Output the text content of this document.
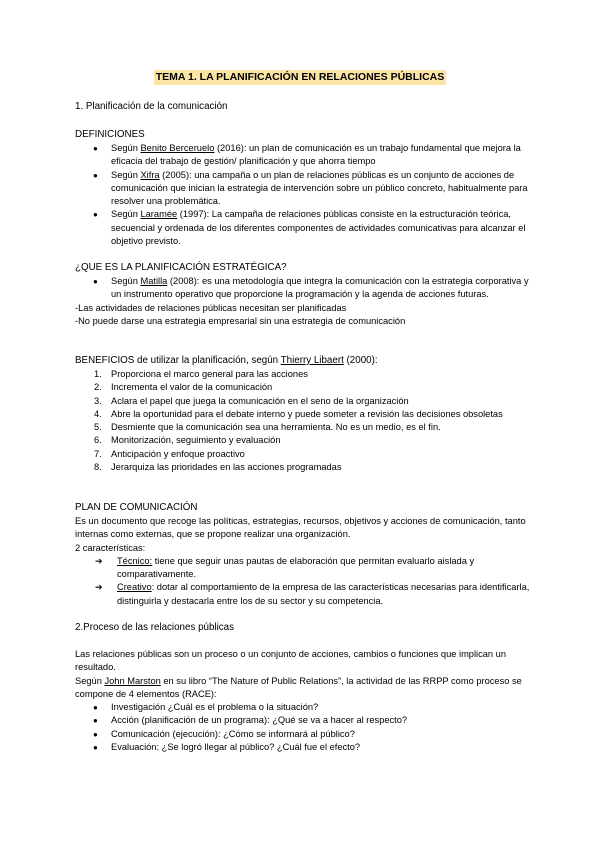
TEMA 1. LA PLANIFICACIÓN EN RELACIONES PÚBLICAS
1. Planificación de la comunicación
DEFINICIONES
● Según Benito Berceruelo (2016): un plan de comunicación es un trabajo fundamental que mejora la eficacia del trabajo de gestión/ planificación y que ahorra tiempo
● Según Xifra (2005): una campaña o un plan de relaciones públicas es un conjunto de acciones de comunicación que inician la estrategia de intervención sobre un público concreto, habitualmente para resolver una problemática.
● Según Laramée (1997): La campaña de relaciones públicas consiste en la estructuración teórica, secuencial y ordenada de los diferentes componentes de actividades comunicativas para alcanzar el objetivo previsto.
¿QUE ES LA PLANIFICACIÓN ESTRATÉGICA?
● Según Matilla (2008): es una metodología que integra la comunicación con la estrategia corporativa y un instrumento operativo que proporcione la programación y la agenda de acciones futuras.

-Las actividades de relaciones públicas necesitan ser planificadas

-No puede darse una estrategia empresarial sin una estrategia de comunicación

BENEFICIOS de utilizar la planificación, según Thierry Libaert (2000):
1. Proporciona el marco general para las acciones
2. Incrementa el valor de la comunicación
3. Aclara el papel que juega la comunicación en el seno de la organización
4. Abre la oportunidad para el debate interno y puede someter a revisión las decisiones obsoletas
5. Desmiente que la comunicación sea una herramienta. No es un medio, es el fin.
6. Monitorización, seguimiento y evaluación
7. Anticipación y enfoque proactivo
8. Jerarquiza las prioridades en las acciones programadas
PLAN DE COMUNICACIÓN

Es un documento que recoge las políticas, estrategias, recursos, objetivos y acciones de comunicación, tanto internas como externas, que se propone realizar una organización.

2 características:

➔ Técnico: tiene que seguir unas pautas de elaboración que permitan evaluarlo aislada y comparativamente.
➔ Creativo: dotar al comportamiento de la empresa de las características necesarias para identificarla, distinguirla y destacarla entre los de su sector y su competencia.
2.Proceso de las relaciones públicas

Las relaciones públicas son un proceso o un conjunto de acciones, cambios o funciones que implican un resultado.

Según John Marston en su libro “The Nature of Public Relations”, la actividad de las RRPP como proceso se compone de 4 elementos (RACE):

● Investigación ¿Cuál es el problema o la situación?
● Acción (planificación de un programa): ¿Qué se va a hacer al respecto?
● Comunicación (ejecución): ¿Cómo se informará al público?
● Evaluación: ¿Se logró llegar al público? ¿Cuál fue el efecto?
